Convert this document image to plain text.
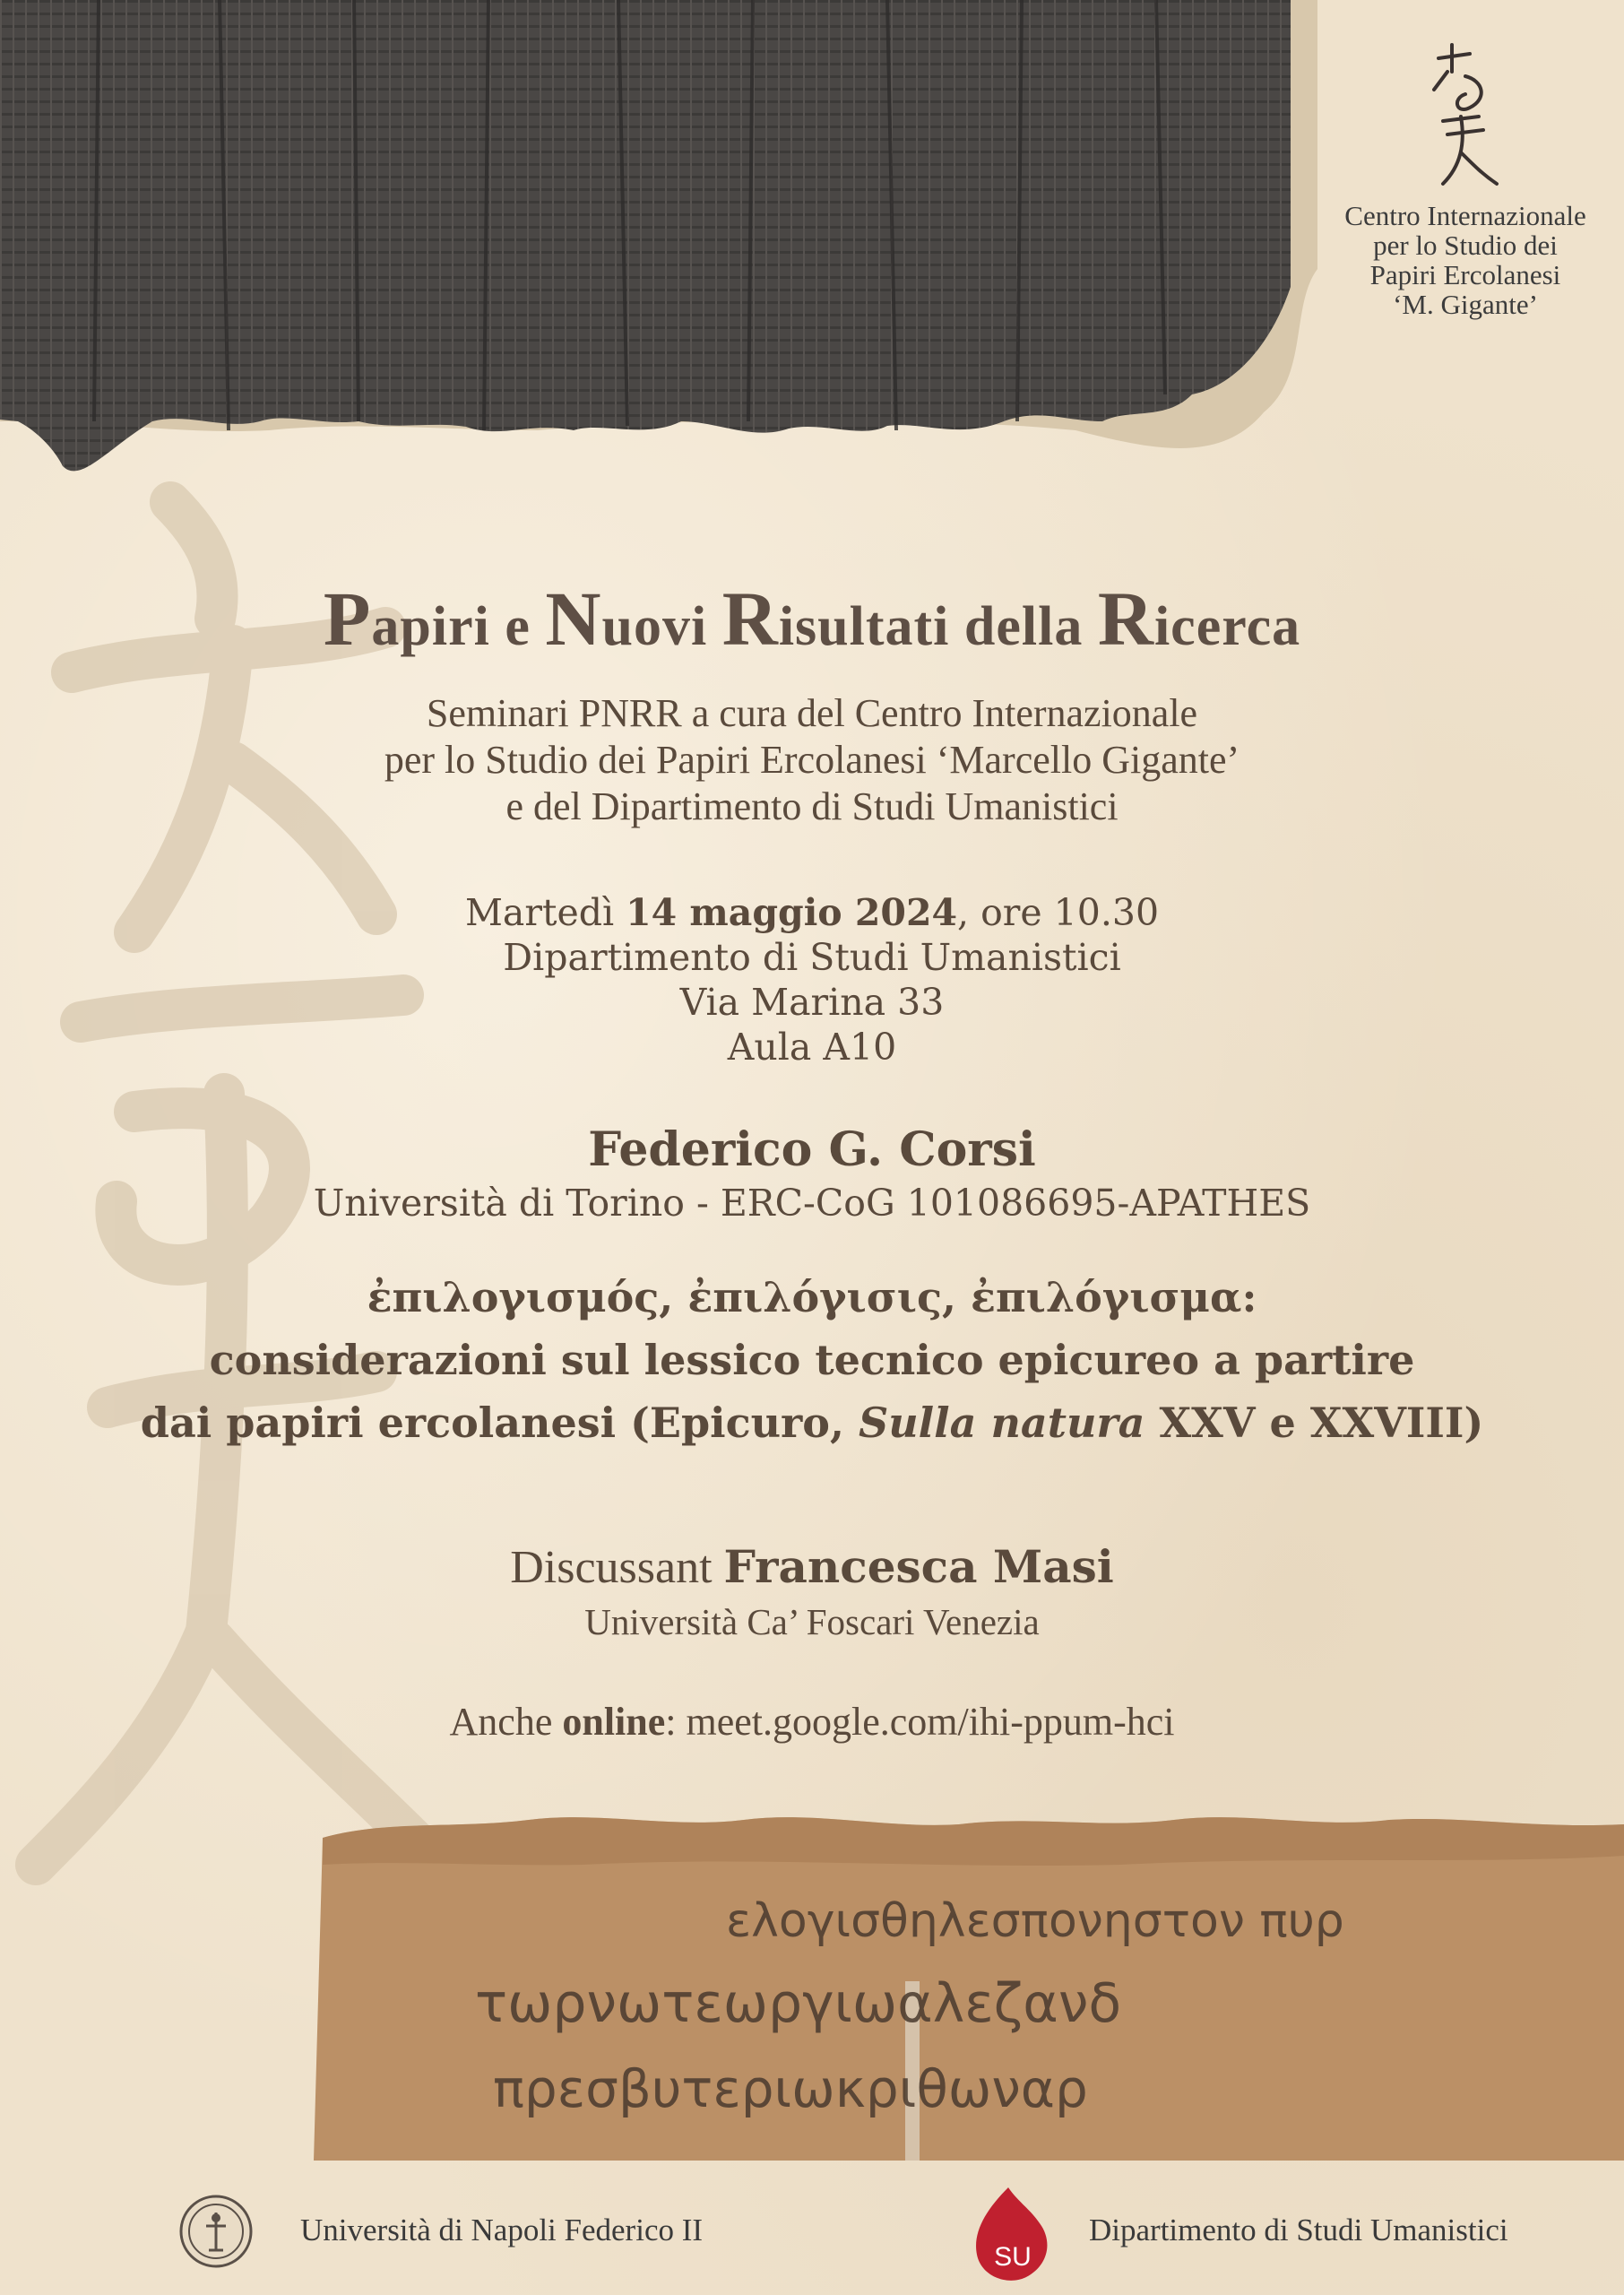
ελογισθηλεσπονηστον πυρ
τωρνωτεωργιωαλεζανδ
πρεσβυτεριωκριθωναρ
Centro Internazionale
per lo Studio dei
Papiri Ercolanesi
‘M. Gigante’
Papiri e Nuovi Risultati della Ricerca
Seminari PNRR a cura del Centro Internazionale
per lo Studio dei Papiri Ercolanesi ‘Marcello Gigante’
e del Dipartimento di Studi Umanistici
Martedì 14 maggio 2024, ore 10.30
Dipartimento di Studi Umanistici
Via Marina 33
Aula A10
Federico G. Corsi
Università di Torino - ERC-CoG 101086695-APATHES
ἐπιλογισμός, ἐπιλόγισις, ἐπιλόγισμα:
considerazioni sul lessico tecnico epicureo a partire
dai papiri ercolanesi (Epicuro, Sulla natura XXV e XXVIII)
Discussant Francesca Masi
Università Ca’ Foscari Venezia
Anche online: meet.google.com/ihi-ppum-hci
Università di Napoli Federico II
SU
Dipartimento di Studi Umanistici
